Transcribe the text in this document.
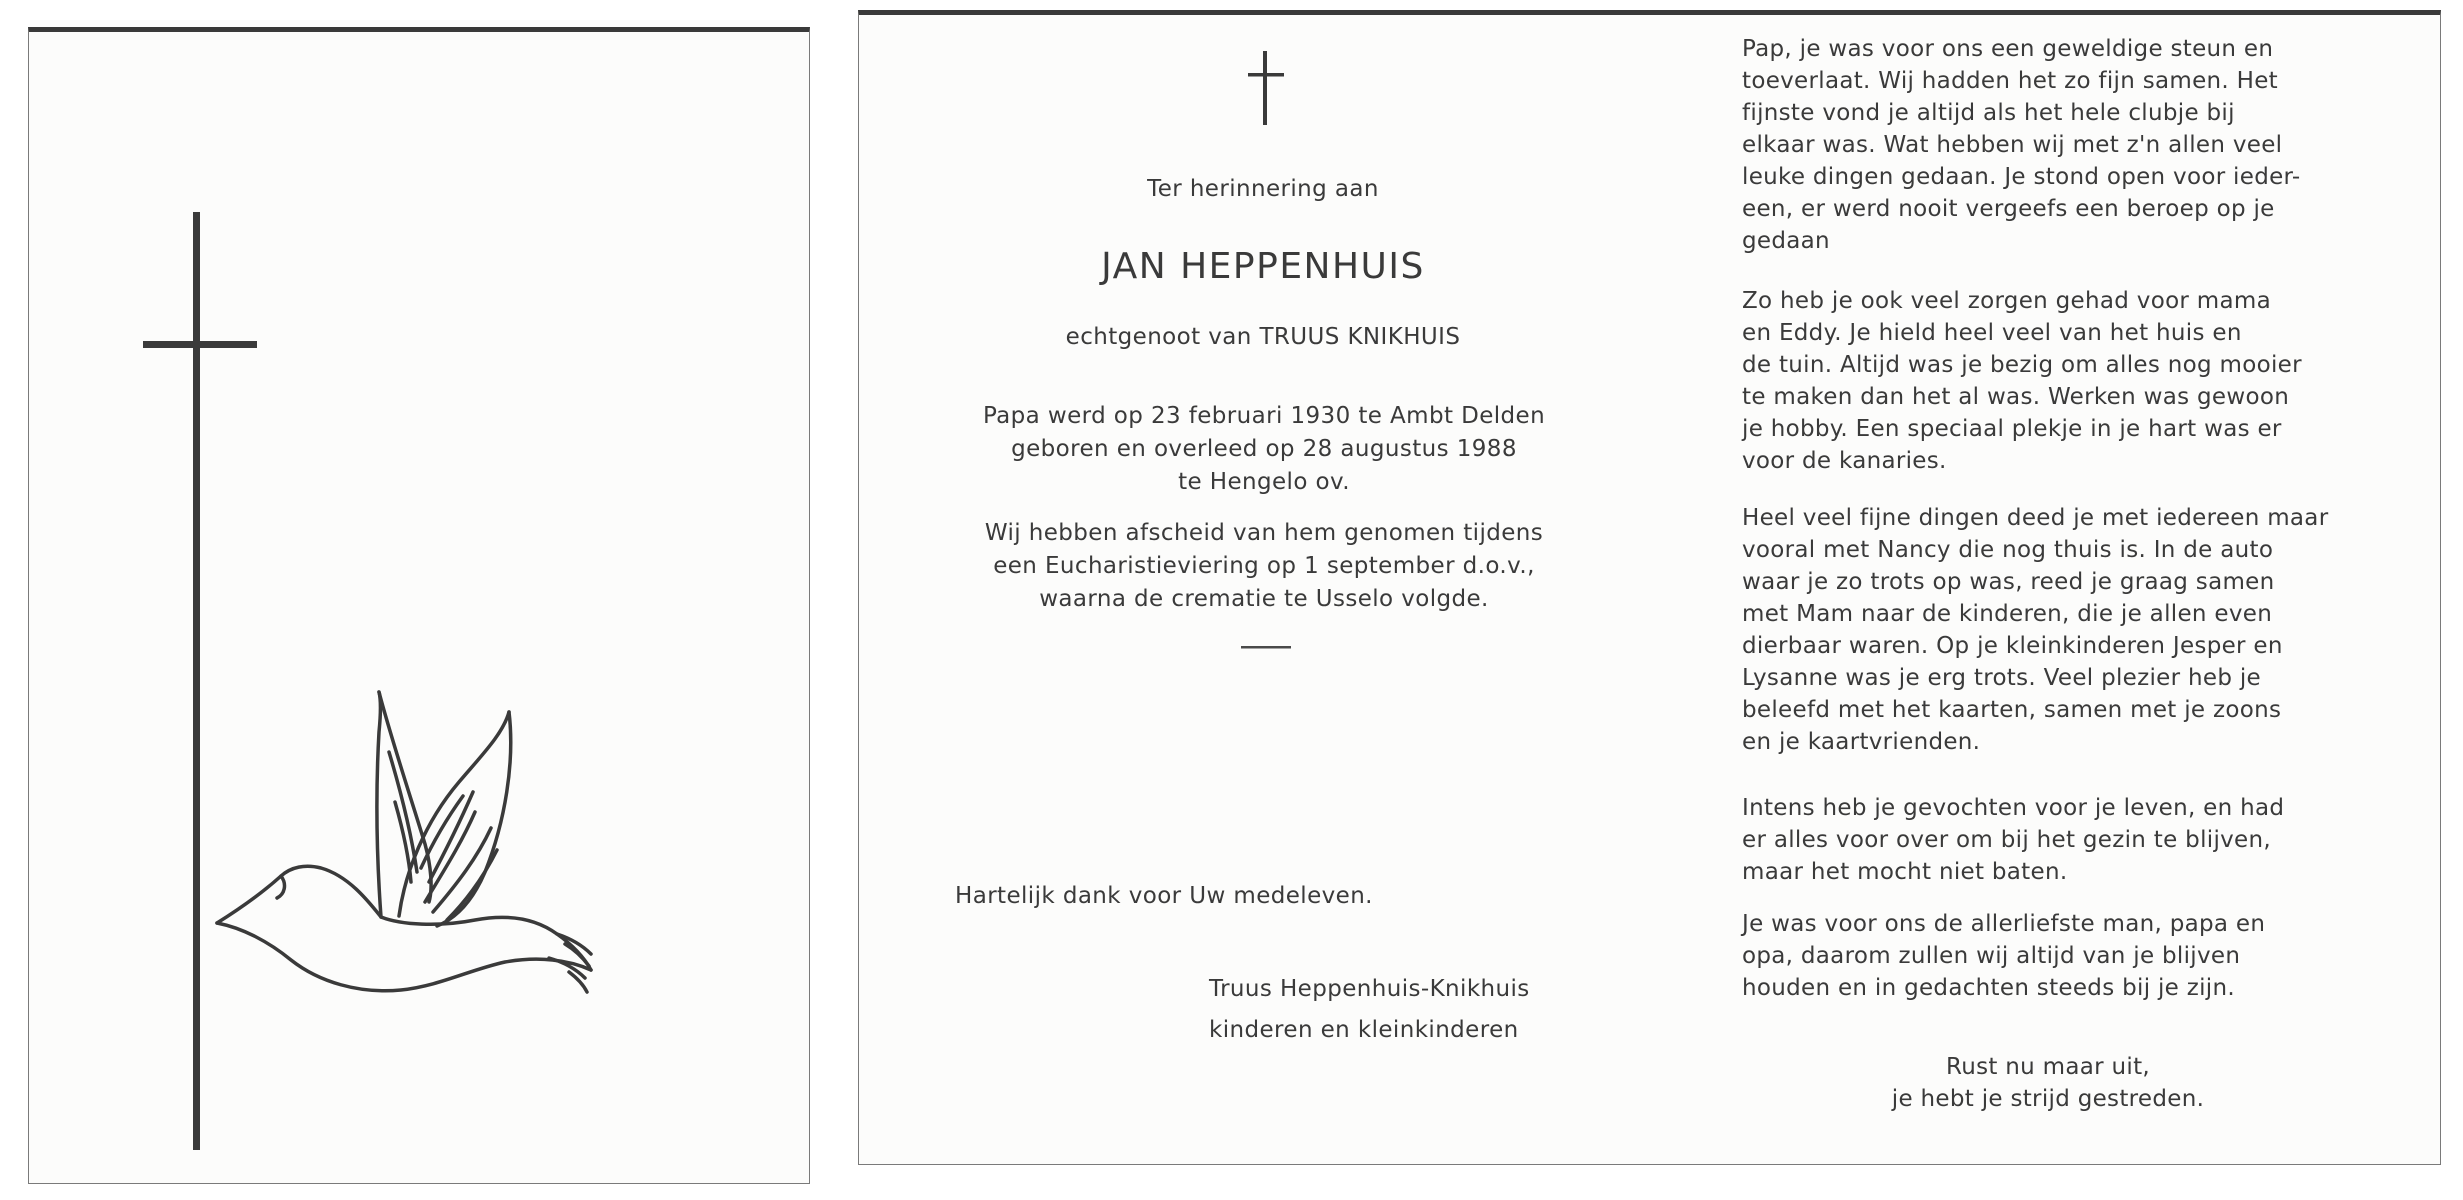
Ter herinnering aan
JAN HEPPENHUIS
echtgenoot van TRUUS KNIKHUIS
Papa werd op 23 februari 1930 te Ambt Delden
geboren en overleed op 28 augustus 1988
te Hengelo ov.
Wij hebben afscheid van hem genomen tijdens
een Eucharistieviering op 1 september d.o.v.,
waarna de crematie te Usselo volgde.
Hartelijk dank voor Uw medeleven.
Truus Heppenhuis-Knikhuis
kinderen en kleinkinderen
Pap, je was voor ons een geweldige steun en
toeverlaat. Wij hadden het zo fijn samen. Het
fijnste vond je altijd als het hele clubje bij
elkaar was. Wat hebben wij met z'n allen veel
leuke dingen gedaan. Je stond open voor ieder-
een, er werd nooit vergeefs een beroep op je
gedaan
Zo heb je ook veel zorgen gehad voor mama
en Eddy. Je hield heel veel van het huis en
de tuin. Altijd was je bezig om alles nog mooier
te maken dan het al was. Werken was gewoon
je hobby. Een speciaal plekje in je hart was er
voor de kanaries.
Heel veel fijne dingen deed je met iedereen maar
vooral met Nancy die nog thuis is. In de auto
waar je zo trots op was, reed je graag samen
met Mam naar de kinderen, die je allen even
dierbaar waren. Op je kleinkinderen Jesper en
Lysanne was je erg trots. Veel plezier heb je
beleefd met het kaarten, samen met je zoons
en je kaartvrienden.
Intens heb je gevochten voor je leven, en had
er alles voor over om bij het gezin te blijven,
maar het mocht niet baten.
Je was voor ons de allerliefste man, papa en
opa, daarom zullen wij altijd van je blijven
houden en in gedachten steeds bij je zijn.
Rust nu maar uit,
je hebt je strijd gestreden.
